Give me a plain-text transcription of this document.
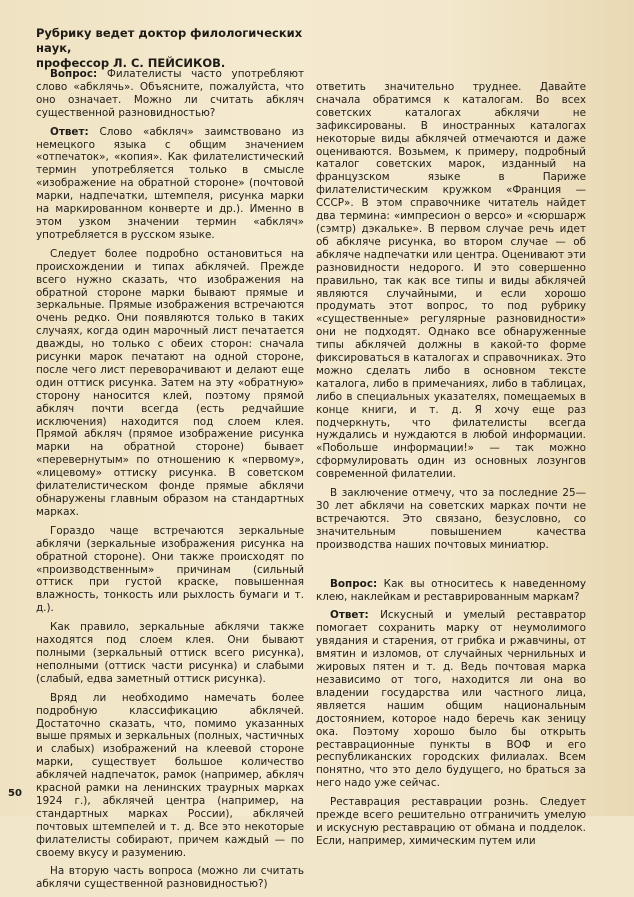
Рубрику ведет доктор филологических наук,
профессор Л. С. ПЕЙСИКОВ.

Вопрос: Филателисты часто употребляют слово «абклячь». Объясните, пожалуйста, что оно означает. Можно ли считать абкляч существенной разновидностью?

Ответ: Слово «абкляч» заимствовано из немецкого языка с общим значением «отпечаток», «копия». Как филателистический термин употребляется только в смысле «изображение на обратной стороне» (почтовой марки, надпечатки, штемпеля, рисунка марки на маркированном конверте и др.). Именно в этом узком значении термин «абкляч» употребляется в русском языке.

Следует более подробно остановиться на происхождении и типах абклячей. Прежде всего нужно сказать, что изображения на обратной стороне марки бывают прямые и зеркальные. Прямые изображения встречаются очень редко. Они появляются только в таких случаях, когда один марочный лист печатается дважды, но только с обеих сторон: сначала рисунки марок печатают на одной стороне, после чего лист переворачивают и делают еще один оттиск рисунка. Затем на эту «обратную» сторону наносится клей, поэтому прямой абкляч почти всегда (есть редчайшие исключения) находится под слоем клея. Прямой абкляч (прямое изображение рисунка марки на обратной стороне) бывает «перевернутым» по отношению к «первому», «лицевому» оттиску рисунка. В советском филателистическом фонде прямые абклячи обнаружены главным образом на стандартных марках.

Гораздо чаще встречаются зеркальные абклячи (зеркальные изображения рисунка на обратной стороне). Они также происходят по «производственным» причинам (сильный оттиск при густой краске, повышенная влажность, тонкость или рыхлость бумаги и т. д.).

Как правило, зеркальные абклячи также находятся под слоем клея. Они бывают полными (зеркальный оттиск всего рисунка), неполными (оттиск части рисунка) и слабыми (слабый, едва заметный оттиск рисунка).

Вряд ли необходимо намечать более подробную классификацию абклячей. Достаточно сказать, что, помимо указанных выше прямых и зеркальных (полных, частичных и слабых) изображений на клеевой стороне марки, существует большое количество абклячей надпечаток, рамок (например, абкляч красной рамки на ленинских траурных марках 1924 г.), абклячей центра (например, на стандартных марках России), абклячей почтовых штемпелей и т. д. Все это некоторые филателисты собирают, причем каждый — по своему вкусу и разумению.

На вторую часть вопроса (можно ли считать абклячи существенной разновидностью?)

ответить значительно труднее. Давайте сначала обратимся к каталогам. Во всех советских каталогах абклячи не зафиксированы. В иностранных каталогах некоторые виды абклячей отмечаются и даже оцениваются. Возьмем, к примеру, подробный каталог советских марок, изданный на французском языке в Париже филателистическим кружком «Франция — СССР». В этом справочнике читатель найдет два термина: «импресион о версо» и «сюршарж (сэмтр) дэкальке». В первом случае речь идет об абкляче рисунка, во втором случае — об абкляче надпечатки или центра. Оценивают эти разновидности недорого. И это совершенно правильно, так как все типы и виды абклячей являются случайными, и если хорошо продумать этот вопрос, то под рубрику «существенные» регулярные разновидности» они не подходят. Однако все обнаруженные типы абклячей должны в какой-то форме фиксироваться в каталогах и справочниках. Это можно сделать либо в основном тексте каталога, либо в примечаниях, либо в таблицах, либо в специальных указателях, помещаемых в конце книги, и т. д. Я хочу еще раз подчеркнуть, что филателисты всегда нуждались и нуждаются в любой информации. «Побольше информации!» — так можно сформулировать один из основных лозунгов современной филателии.

В заключение отмечу, что за последние 25—30 лет абклячи на советских марках почти не встречаются. Это связано, безусловно, со значительным повышением качества производства наших почтовых миниатюр.

Вопрос: Как вы относитесь к наведенному клею, наклейкам и реставрированным маркам?

Ответ: Искусный и умелый реставратор помогает сохранить марку от неумолимого увядания и старения, от грибка и ржавчины, от вмятин и изломов, от случайных чернильных и жировых пятен и т. д. Ведь почтовая марка независимо от того, находится ли она во владении государства или частного лица, является нашим общим национальным достоянием, которое надо беречь как зеницу ока. Поэтому хорошо было бы открыть реставрационные пункты в ВОФ и его республиканских городских филиалах. Всем понятно, что это дело будущего, но браться за него надо уже сейчас.

Реставрация реставрации рознь. Следует прежде всего решительно отграничить умелую и искусную реставрацию от обмана и подделок. Если, например, химическим путем или

50
